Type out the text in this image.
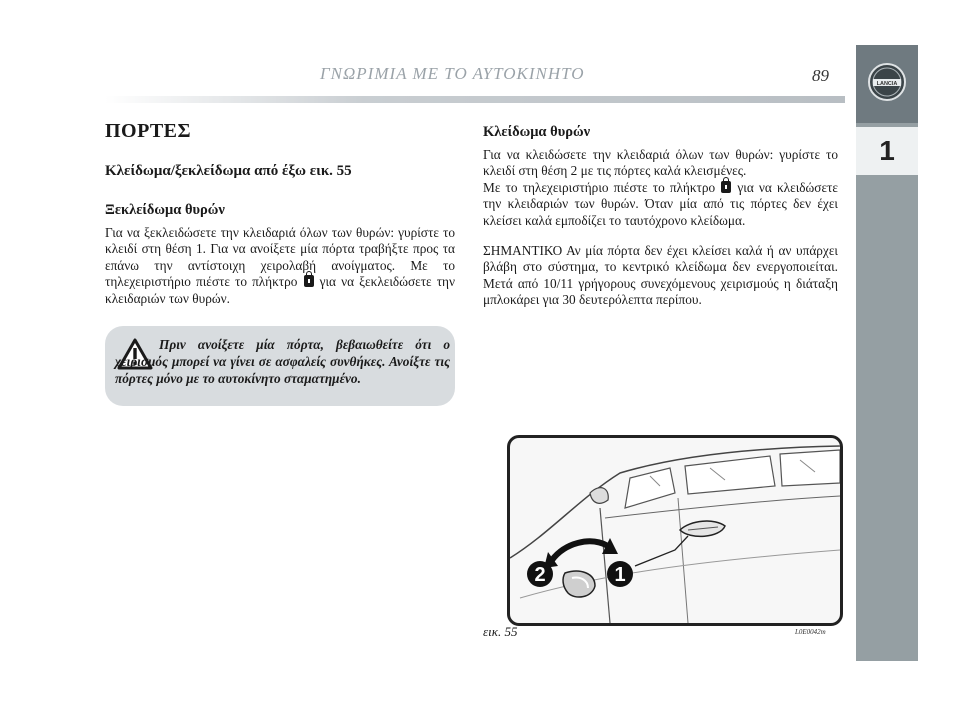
ΓΝΩΡΙΜΙΑ ΜΕ ΤΟ ΑΥΤΟΚΙΝΗΤΟ	89	LANCIA
1
ΠΟΡΤΕΣ
Κλείδωμα/ξεκλείδωμα από έξω εικ. 55
Ξεκλείδωμα θυρών

Για να ξεκλειδώσετε την κλειδαριά όλων των θυρών: γυρίστε το κλειδί στη θέση 1. Για να ανοίξετε μία πόρτα τραβήξτε προς τα επάνω την αντίστοιχη χειρολαβή ανοίγματος. Με το τηλεχειριστήριο πιέστε το πλήκτρο για να ξεκλειδώσετε την κλειδαριών των θυρών.

Πριν ανοίξετε μία πόρτα, βεβαιωθείτε ότι ο χειρισμός μπορεί να γίνει σε ασφαλείς συνθήκες. Ανοίξτε τις πόρτες μόνο με το αυτοκίνητο σταματημένο.

Κλείδωμα θυρών

Για να κλειδώσετε την κλειδαριά όλων των θυρών: γυρίστε το κλειδί στη θέση 2 με τις πόρτες καλά κλεισμένες.

Με το τηλεχειριστήριο πιέστε το πλήκτρο για να κλειδώσετε την κλειδαριών των θυρών. Όταν μία από τις πόρτες δεν έχει κλείσει καλά εμποδίζει το ταυτόχρονο κλείδωμα.

ΣΗΜΑΝΤΙΚΟ Αν μία πόρτα δεν έχει κλείσει καλά ή αν υπάρχει βλάβη στο σύστημα, το κεντρικό κλείδωμα δεν ενεργοποιείται. Μετά από 10/11 γρήγορους συνεχόμενους χειρισμούς η διάταξη μπλοκάρει για 30 δευτερόλεπτα περίπου.

2	1
εικ. 55	L0E0042m
